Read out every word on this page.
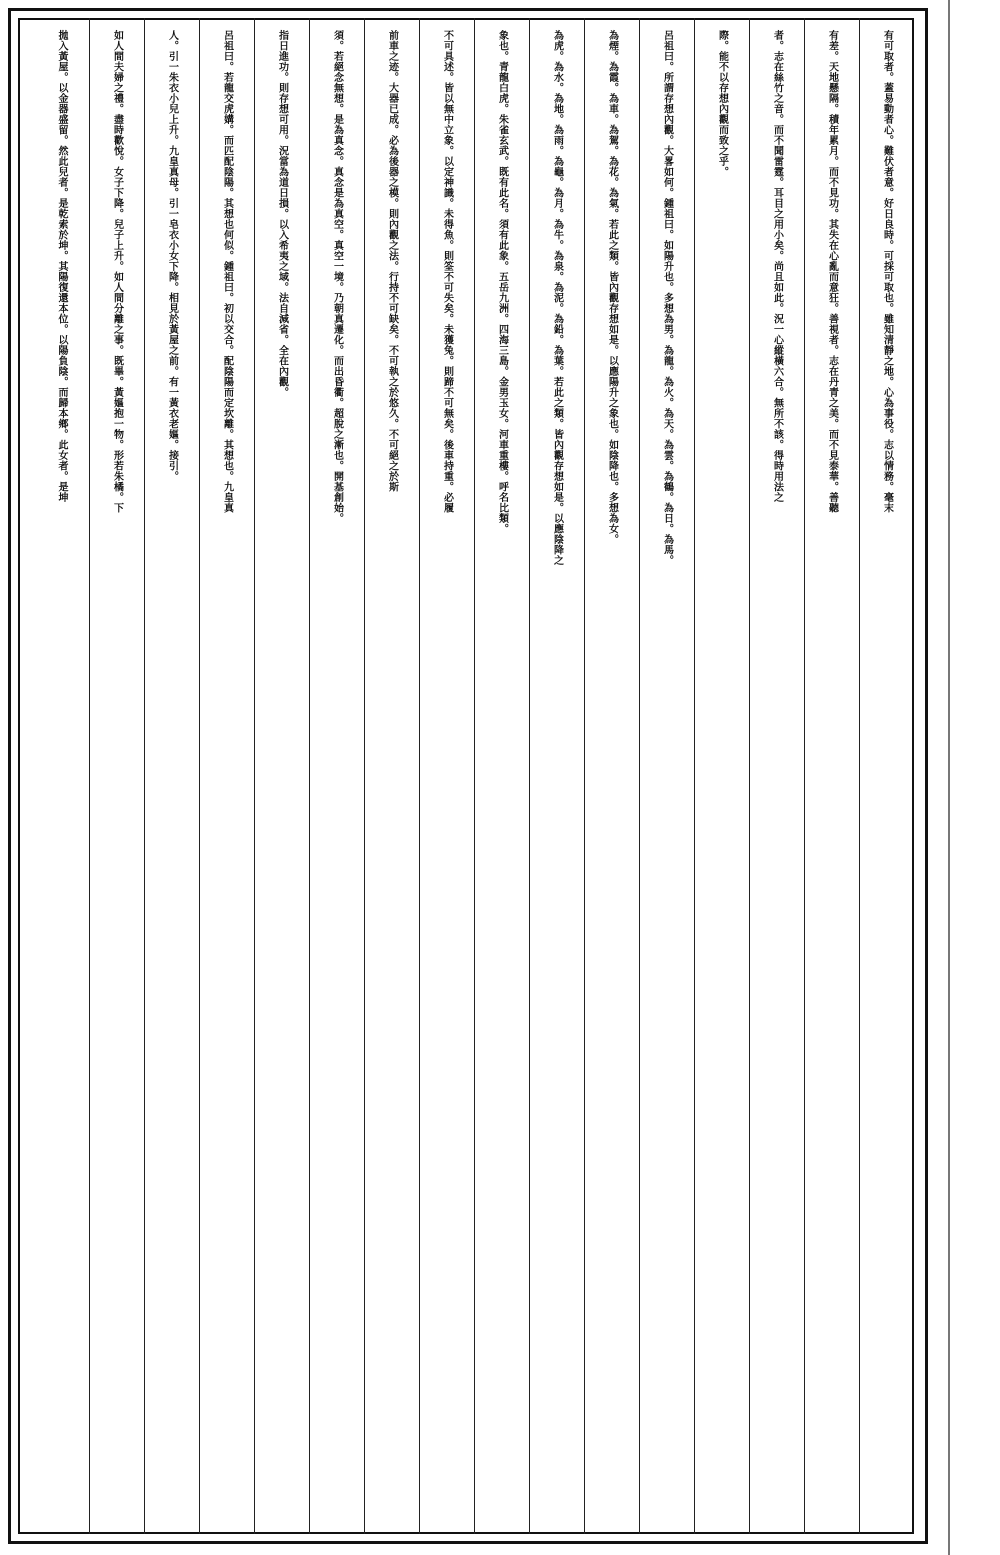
有可取者。蓋易動者心。難伏者意。好日良時。可採可取也。雖知清靜之地。心為事役。志以情務。毫末
有差。天地懸隔。積年累月。而不見功。其失在心亂而意狂。善視者。志在丹青之美。而不見泰華。善聽
者。志在絲竹之音。而不聞雷霆。耳目之用小矣。尚且如此。況一心縱橫六合。無所不該。得時用法之
際。能不以存想內觀而致之乎。
呂祖曰。所謂存想內觀。大畧如何。鍾祖曰。如陽升也。多想為男。為龍。為火。為天。為雲。為鶴。為日。為馬。
為煙。為霞。為車。為駕。為花。為氣。若此之類。皆內觀存想如是。以應陽升之象也。如陰降也。多想為女。
為虎。為水。為地。為雨。為龜。為月。為牛。為泉。為泥。為鉛。為葉。若此之類。皆內觀存想如是。以應陰降之
象也。青龍白虎。朱雀玄武。既有此名。須有此象。五岳九洲。四海三島。金男玉女。河車重樓。呼名比類。
不可具述。皆以無中立象。以定神識。未得魚。則筌不可失矣。未獲兔。則蹄不可無矣。後車持重。必履
前車之迹。大器已成。必為後器之模。則內觀之法。行持不可缺矣。不可執之於悠久。不可絕之於斯
須。若絕念無想。是為真念。真念是為真空。真空一境。乃朝真遷化。而出昏衢。超脫之漸也。開基創始。
指日進功。則存想可用。況當為道日損。以入希夷之域。法自減省。全在內觀。
呂祖曰。若龍交虎媾。而匹配陰陽。其想也何似。鍾祖曰。初以交合。配陰陽而定坎離。其想也。九皇真
人。引一朱衣小兒上升。九皇真母。引一皂衣小女下降。相見於黃屋之前。有一黃衣老嫗。接引。
如人間夫婦之禮。盡時歡悅。女子下降。兒子上升。如人間分離之事。既畢。黃嫗抱一物。形若朱橘。下
拋入黃屋。以金器盛留。然此兒者。是乾索於坤。其陽復還本位。以陽負陰。而歸本鄉。此女者。是坤
